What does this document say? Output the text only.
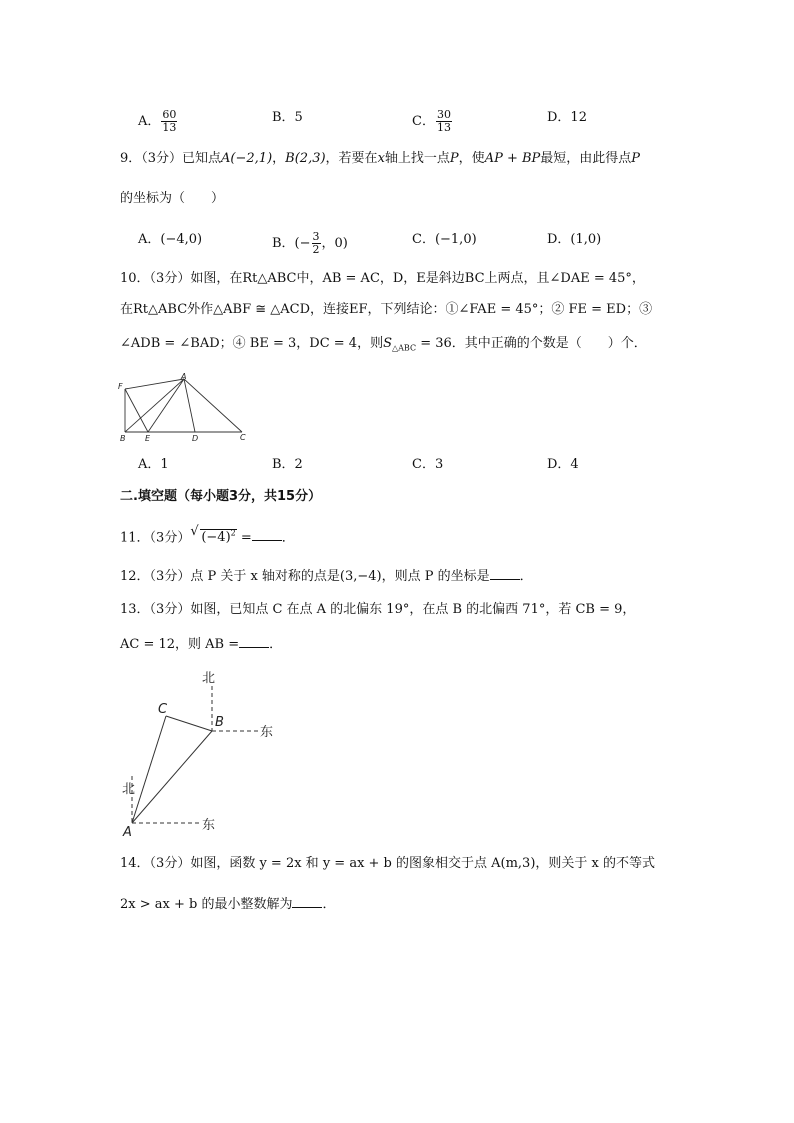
A． $\frac{60}{13}$	B．5	C． $\frac{30}{13}$	D．12
9．（3分）已知点A(−2,1)，B(2,3)，若要在x轴上找一点P，使AP + BP最短，由此得点P
的坐标为（　　）
A．(−4,0)	B．(− $\frac{3}{2}$ ，0)	C．(−1,0)	D．(1,0)
10．（3分）如图，在Rt△ABC中，AB = AC，D，E是斜边BC上两点，且∠DAE = 45°，
在Rt△ABC外作△ABF ≅ △ACD，连接EF，下列结论：①∠FAE = 45°；② FE = ED；③
∠ADB = ∠BAD；④ BE = 3，DC = 4，则$S_{\triangle ABC} = 36$．其中正确的个数是（　　）个．
F
A
B E	D	C
A．1	B．2	C．3	D．4
二.填空题（每小题3分，共15分）
11．（3分） √ $(-4)^2$ = ．
12．（3分）点 P 关于 x 轴对称的点是(3,−4)，则点 P 的坐标是 ．
13．（3分）如图，已知点 C 在点 A 的北偏东 19°，在点 B 的北偏西 71°，若 CB = 9，
AC = 12，则 AB = ．
北
C
B
东
北
A	东
14．（3分）如图，函数 y = 2x 和 y = ax + b 的图象相交于点 A(m,3)，则关于 x 的不等式
2x > ax + b 的最小整数解为 ．
